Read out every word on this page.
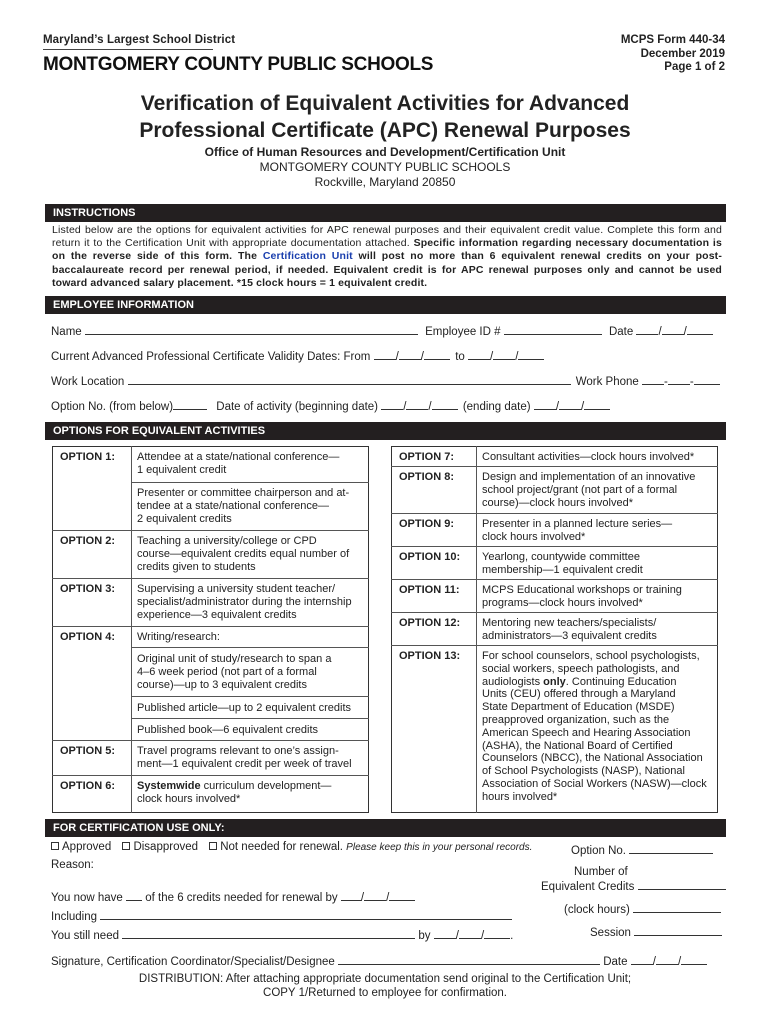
Maryland’s Largest School District
MONTGOMERY COUNTY PUBLIC SCHOOLS
MCPS Form 440-34
December 2019
Page 1 of 2
Verification of Equivalent Activities for Advanced
Professional Certificate (APC) Renewal Purposes
Office of Human Resources and Development/Certification Unit
MONTGOMERY COUNTY PUBLIC SCHOOLS
Rockville, Maryland 20850
INSTRUCTIONS
Listed below are the options for equivalent activities for APC renewal purposes and their equivalent credit value. Complete this form and return it to the Certification Unit with appropriate documentation attached. Specific information regarding necessary documentation is on the reverse side of this form. The Certification Unit will post no more than 6 equivalent renewal credits on your post-baccalaureate record per renewal period, if needed. Equivalent credit is for APC renewal purposes only and cannot be used toward advanced salary placement. *15 clock hours = 1 equivalent credit.
EMPLOYEE INFORMATION
Name	Employee ID #	Date / /
Current Advanced Professional Certificate Validity Dates: From / /	to / /
Work Location	Work Phone - -
Option No. (from below)	Date of activity (beginning date) / /	(ending date) / /
OPTIONS FOR EQUIVALENT ACTIVITIES
OPTION 1:	Attendee at a state/national conference—
1 equivalent credit
Presenter or committee chairperson and at-
tendee at a state/national conference—
2 equivalent credits
OPTION 2:	Teaching a university/college or CPD
course—equivalent credits equal number of
credits given to students
OPTION 3:	Supervising a university student teacher/
specialist/administrator during the internship
experience—3 equivalent credits
OPTION 4:	Writing/research:
Original unit of study/research to span a
4–6 week period (not part of a formal
course)—up to 3 equivalent credits
Published article—up to 2 equivalent credits
Published book—6 equivalent credits
OPTION 5:	Travel programs relevant to one’s assign-
ment—1 equivalent credit per week of travel
OPTION 6:	Systemwide curriculum development—
clock hours involved*
OPTION 7:	Consultant activities—clock hours involved*
OPTION 8:	Design and implementation of an innovative
school project/grant (not part of a formal
course)—clock hours involved*
OPTION 9:	Presenter in a planned lecture series—
clock hours involved*
OPTION 10:	Yearlong, countywide committee
membership—1 equivalent credit
OPTION 11:	MCPS Educational workshops or training
programs—clock hours involved*
OPTION 12:	Mentoring new teachers/specialists/
administrators—3 equivalent credits
OPTION 13:	For school counselors, school psychologists,
social workers, speech pathologists, and
audiologists only. Continuing Education
Units (CEU) offered through a Maryland
State Department of Education (MSDE)
preapproved organization, such as the
American Speech and Hearing Association
(ASHA), the National Board of Certified
Counselors (NBCC), the National Association
of School Psychologists (NASP), National
Association of Social Workers (NASW)—clock
hours involved*
FOR CERTIFICATION USE ONLY:
Approved Disapproved Not needed for renewal. Please keep this in your personal records.
Reason:
You now have of the 6 credits needed for renewal by / /
Including
You still need	by / / .
Option No.
Number of
Equivalent Credits
(clock hours)
Session
Signature, Certification Coordinator/Specialist/Designee	Date / /
DISTRIBUTION: After attaching appropriate documentation send original to the Certification Unit;
COPY 1/Returned to employee for confirmation.
